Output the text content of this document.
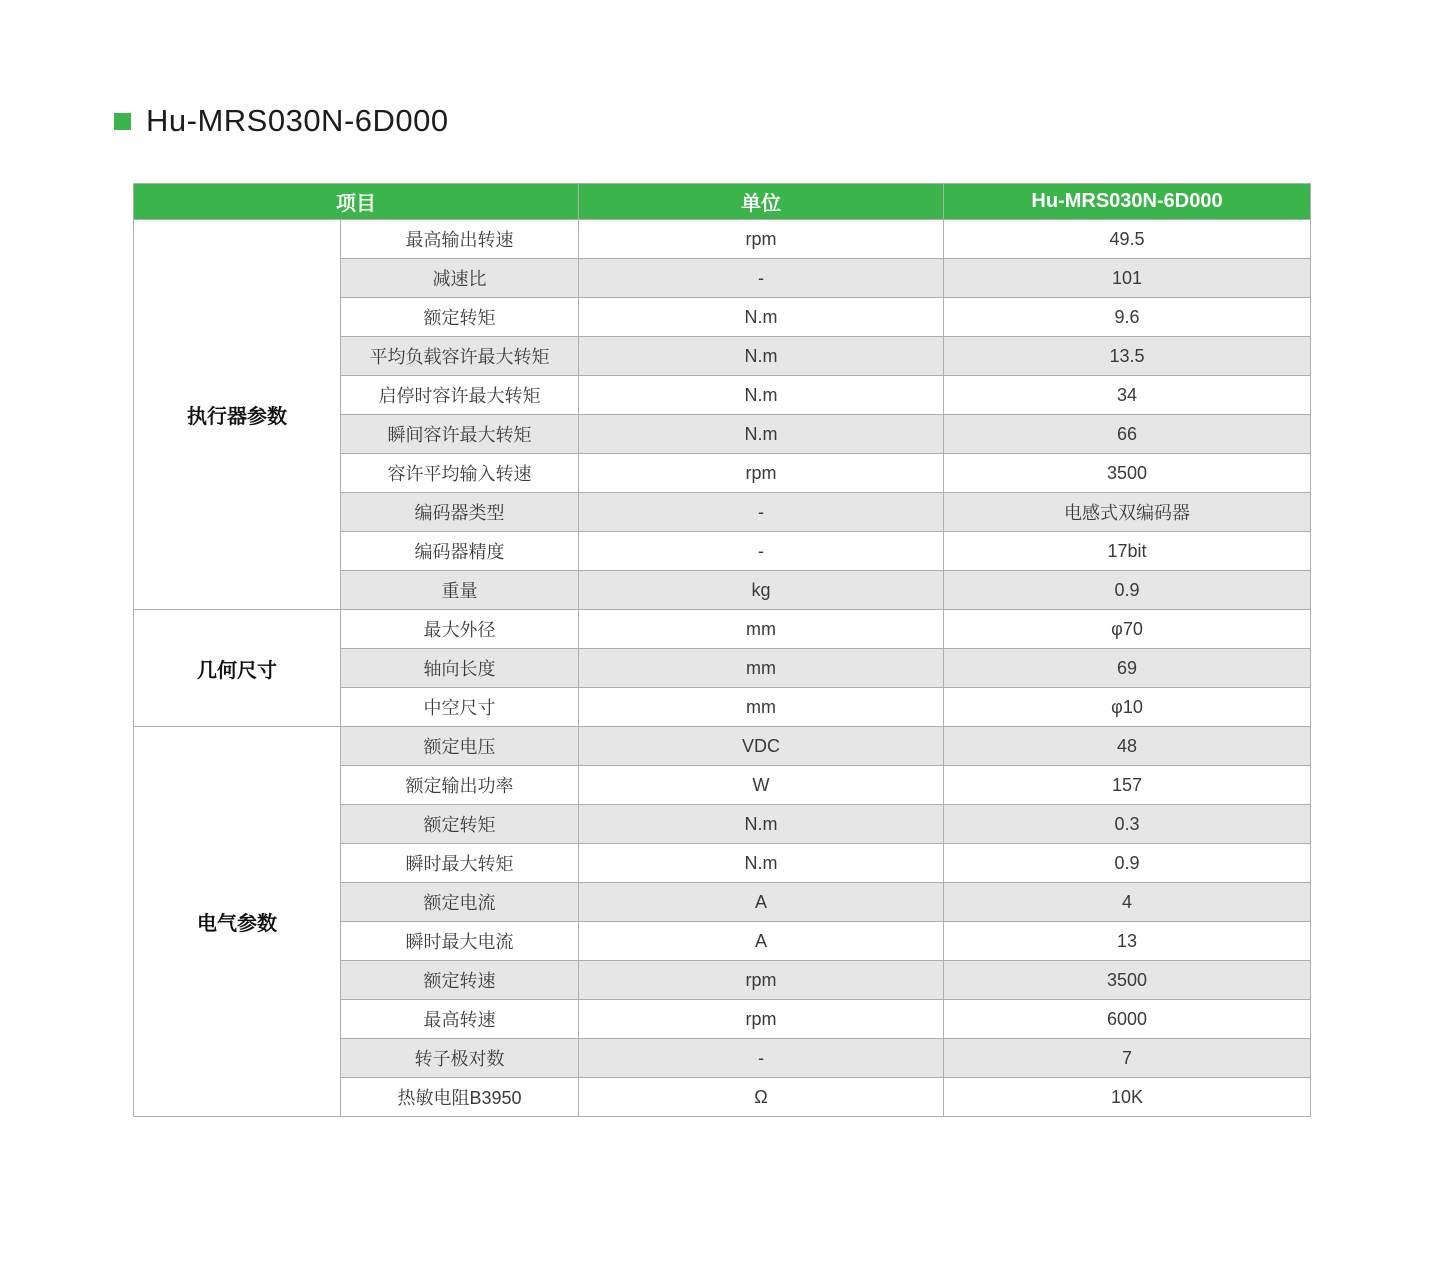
Hu-MRS030N-6D000
项目		单位	Hu-MRS030N-6D000
执行器参数	最高输出转速	rpm	49.5
	减速比	-	101
	额定转矩	N.m	9.6
	平均负载容许最大转矩	N.m	13.5
	启停时容许最大转矩	N.m	34
	瞬间容许最大转矩	N.m	66
	容许平均输入转速	rpm	3500
	编码器类型	-	电感式双编码器
	编码器精度	-	17bit
	重量	kg	0.9
几何尺寸	最大外径	mm	φ70
	轴向长度	mm	69
	中空尺寸	mm	φ10
电气参数	额定电压	VDC	48
	额定输出功率	W	157
	额定转矩	N.m	0.3
	瞬时最大转矩	N.m	0.9
	额定电流	A	4
	瞬时最大电流	A	13
	额定转速	rpm	3500
	最高转速	rpm	6000
	转子极对数	-	7
	热敏电阻B3950	Ω	10K
